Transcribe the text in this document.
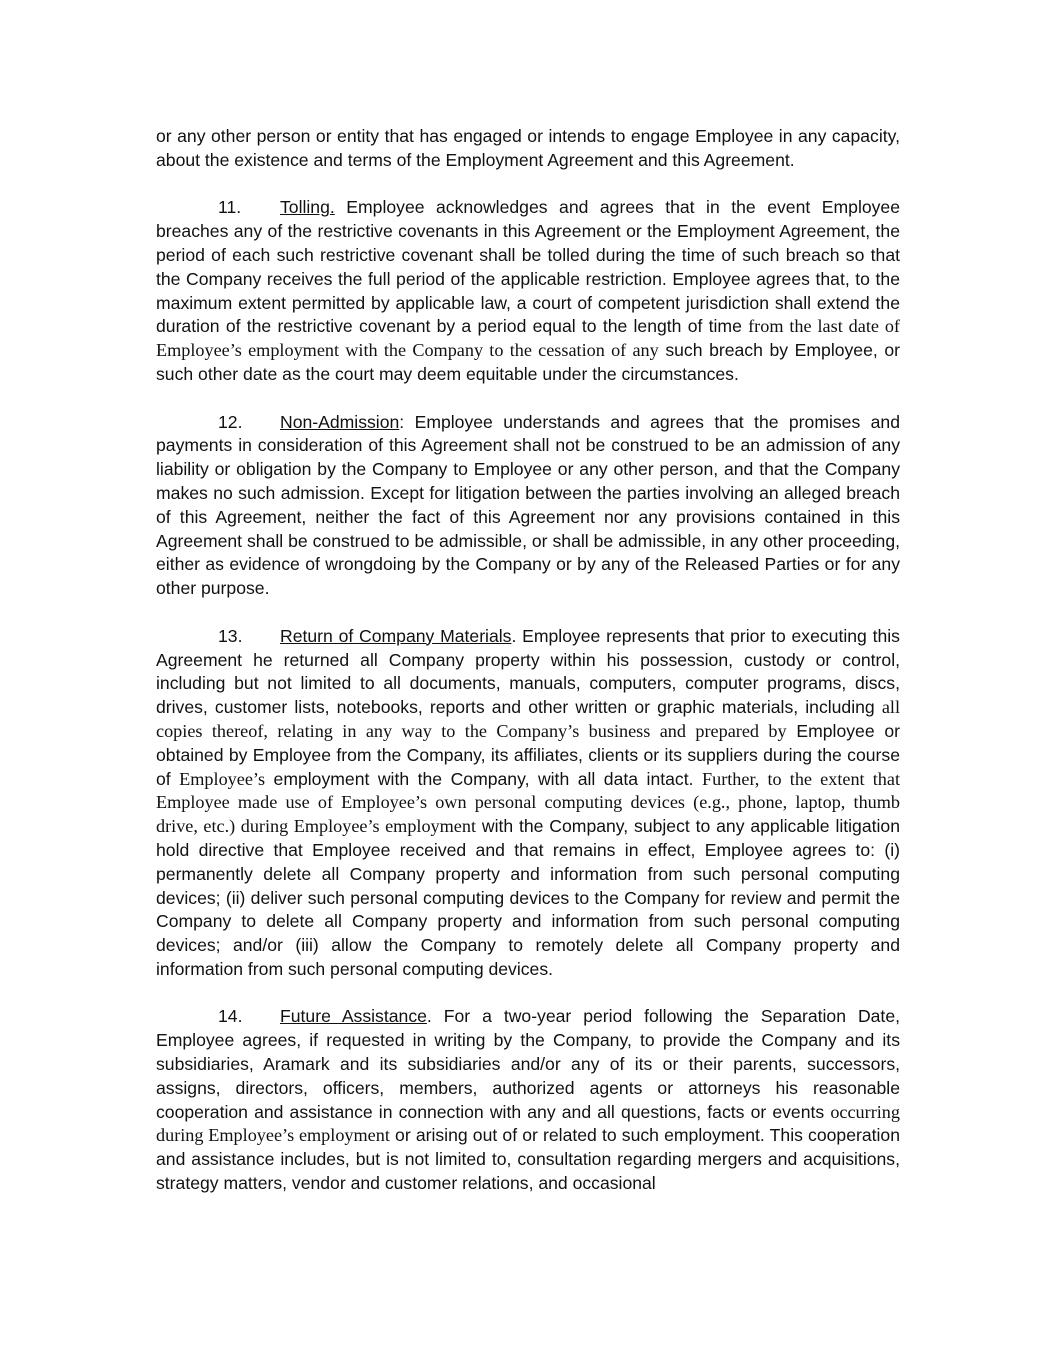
or any other person or entity that has engaged or intends to engage Employee in any capacity, about the existence and terms of the Employment Agreement and this Agreement.

11. Tolling. Employee acknowledges and agrees that in the event Employee breaches any of the restrictive covenants in this Agreement or the Employment Agreement, the period of each such restrictive covenant shall be tolled during the time of such breach so that the Company receives the full period of the applicable restriction. Employee agrees that, to the maximum extent permitted by applicable law, a court of competent jurisdiction shall extend the duration of the restrictive covenant by a period equal to the length of time from the last date of Employee’s employment with the Company to the cessation of any such breach by Employee, or such other date as the court may deem equitable under the circumstances.

12. Non-Admission: Employee understands and agrees that the promises and payments in consideration of this Agreement shall not be construed to be an admission of any liability or obligation by the Company to Employee or any other person, and that the Company makes no such admission. Except for litigation between the parties involving an alleged breach of this Agreement, neither the fact of this Agreement nor any provisions contained in this Agreement shall be construed to be admissible, or shall be admissible, in any other proceeding, either as evidence of wrongdoing by the Company or by any of the Released Parties or for any other purpose.

13. Return of Company Materials. Employee represents that prior to executing this Agreement he returned all Company property within his possession, custody or control, including but not limited to all documents, manuals, computers, computer programs, discs, drives, customer lists, notebooks, reports and other written or graphic materials, including all copies thereof, relating in any way to the Company’s business and prepared by Employee or obtained by Employee from the Company, its affiliates, clients or its suppliers during the course of Employee’s employment with the Company, with all data intact. Further, to the extent that Employee made use of Employee’s own personal computing devices (e.g., phone, laptop, thumb drive, etc.) during Employee’s employment with the Company, subject to any applicable litigation hold directive that Employee received and that remains in effect, Employee agrees to: (i) permanently delete all Company property and information from such personal computing devices; (ii) deliver such personal computing devices to the Company for review and permit the Company to delete all Company property and information from such personal computing devices; and/or (iii) allow the Company to remotely delete all Company property and information from such personal computing devices.

14. Future Assistance. For a two-year period following the Separation Date, Employee agrees, if requested in writing by the Company, to provide the Company and its subsidiaries, Aramark and its subsidiaries and/or any of its or their parents, successors, assigns, directors, officers, members, authorized agents or attorneys his reasonable cooperation and assistance in connection with any and all questions, facts or events occurring during Employee’s employment or arising out of or related to such employment. This cooperation and assistance includes, but is not limited to, consultation regarding mergers and acquisitions, strategy matters, vendor and customer relations, and occasional
